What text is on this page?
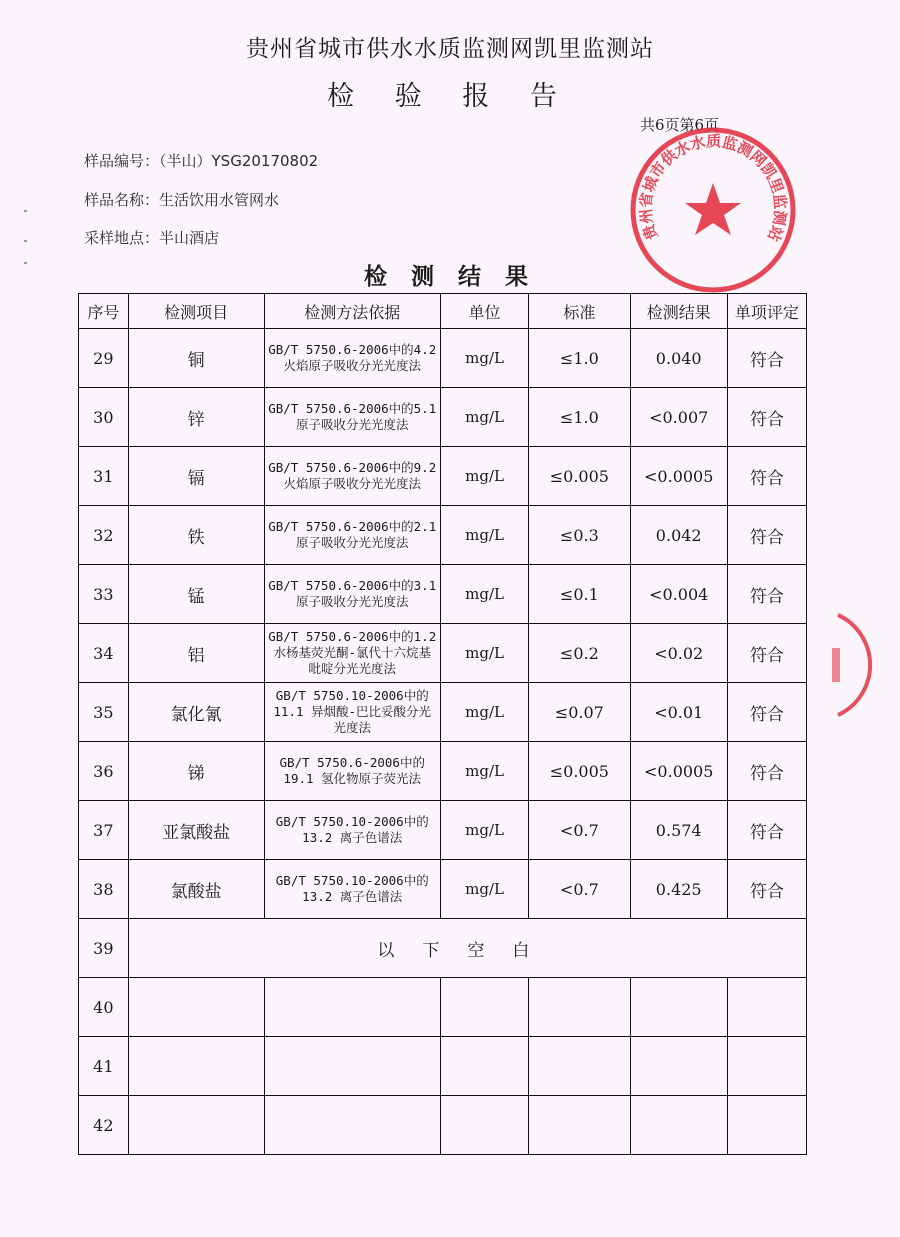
贵州省城市供水水质监测网凯里监测站
检 验 报 告
共6页第6页
样品编号：（半山）YSG20170802
样品名称：生活饮用水管网水
采样地点：半山酒店
检 测 结 果
贵州省城市供水水质监测网凯里监测站
序号	检测项目	检测方法依据	单位	标准	检测结果	单项评定
29	铜	GB/T 5750.6-2006中的4.2 火焰原子吸收分光光度法	mg/L	≤1.0	0.040	符合
30	锌	GB/T 5750.6-2006中的5.1 原子吸收分光光度法	mg/L	≤1.0	<0.007	符合
31	镉	GB/T 5750.6-2006中的9.2火焰原子吸收分光光度法	mg/L	≤0.005	<0.0005	符合
32	铁	GB/T 5750.6-2006中的2.1原子吸收分光光度法	mg/L	≤0.3	0.042	符合
33	锰	GB/T 5750.6-2006中的3.1 原子吸收分光光度法	mg/L	≤0.1	<0.004	符合
34	铝	GB/T 5750.6-2006中的1.2 水杨基荧光酮-氯代十六烷基吡啶分光光度法	mg/L	≤0.2	<0.02	符合
35	氯化氰	GB/T 5750.10-2006中的11.1 异烟酸-巴比妥酸分光光度法	mg/L	≤0.07	<0.01	符合
36	锑	GB/T 5750.6-2006中的19.1 氢化物原子荧光法	mg/L	≤0.005	<0.0005	符合
37	亚氯酸盐	GB/T 5750.10-2006中的13.2 离子色谱法	mg/L	<0.7	0.574	符合
38	氯酸盐	GB/T 5750.10-2006中的13.2 离子色谱法	mg/L	<0.7	0.425	符合
39	以下空白					
40						
41						
42						
